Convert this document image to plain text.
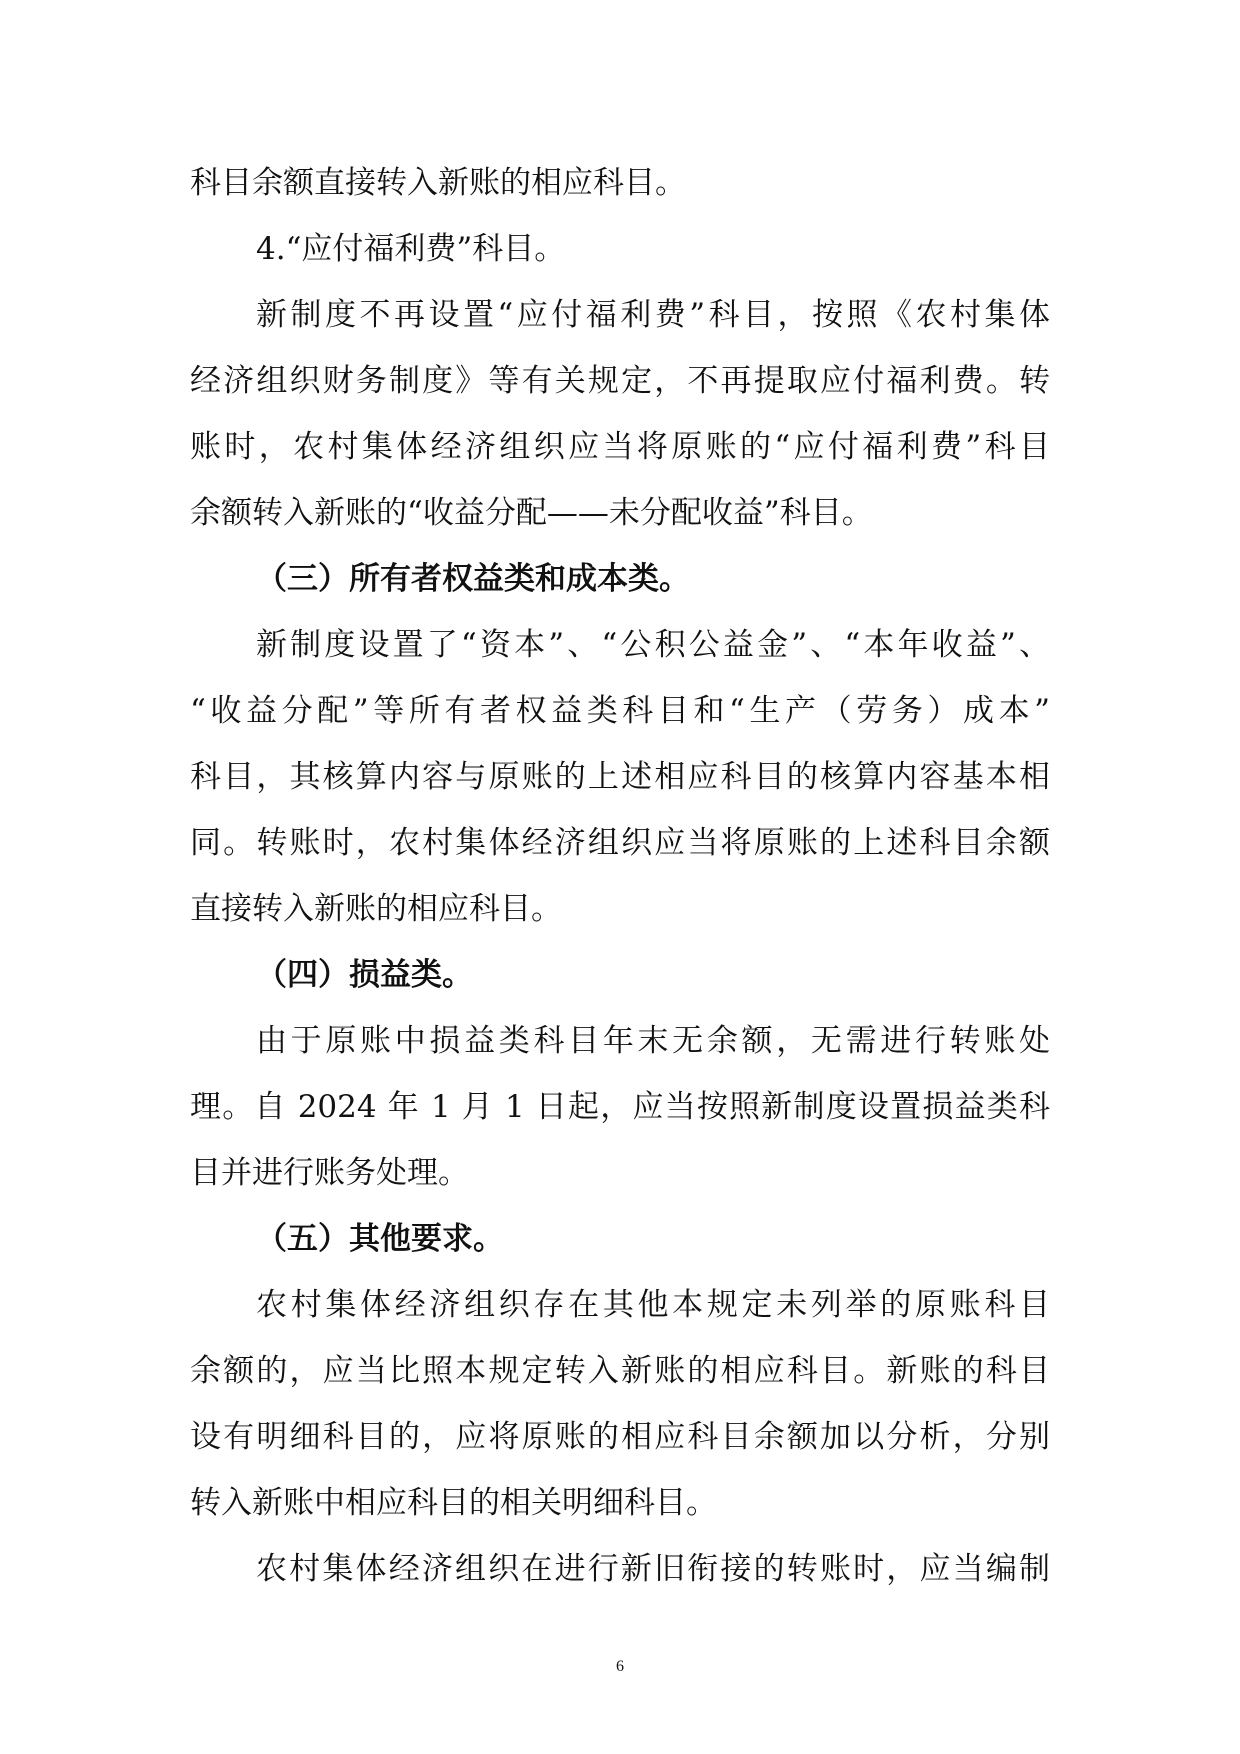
科目余额直接转入新账的相应科目。
4.“应付福利费”科目。
新制度不再设置“应付福利费”科目，按照《农村集体
经济组织财务制度》等有关规定，不再提取应付福利费。转
账时，农村集体经济组织应当将原账的“应付福利费”科目
余额转入新账的“收益分配——未分配收益”科目。
（三）所有者权益类和成本类。
新制度设置了“资本”、“公积公益金”、“本年收益”、
“收益分配”等所有者权益类科目和“生产（劳务）成本”
科目，其核算内容与原账的上述相应科目的核算内容基本相
同。转账时，农村集体经济组织应当将原账的上述科目余额
直接转入新账的相应科目。
（四）损益类。
由于原账中损益类科目年末无余额，无需进行转账处
理。自 2024 年 1 月 1 日起，应当按照新制度设置损益类科
目并进行账务处理。
（五）其他要求。
农村集体经济组织存在其他本规定未列举的原账科目
余额的，应当比照本规定转入新账的相应科目。新账的科目
设有明细科目的，应将原账的相应科目余额加以分析，分别
转入新账中相应科目的相关明细科目。
农村集体经济组织在进行新旧衔接的转账时，应当编制
6
